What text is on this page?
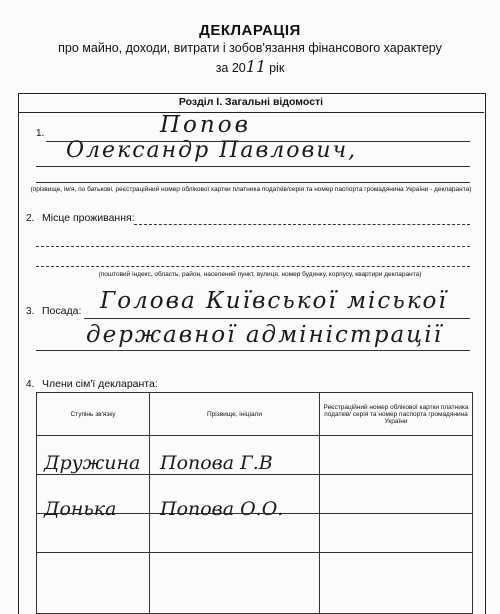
ДЕКЛАРАЦІЯ
про майно, доходи, витрати і зобов'язання фінансового характеру
за 2011 рік
Розділ І. Загальні відомості
1.	Попов
Олександр Павлович,
(прізвище, ім'я, по батькові, реєстраційний номер облікової картки платника податків/серія та номер паспорта громадянина України - декларанта)
2. Місце проживання:
(поштовий індекс, область, район, населений пункт, вулиця, номер будинку, корпусу, квартири декларанта)
3. Посада: Голова Київської міської
державної адміністрації
4. Члени сім'ї декларанта:
Ступінь зв'язку	Прізвище, ініціали	Реєстраційний номер облікової картки платника податків/ серія та номер паспорта громадянина України

Дружина Попова Г.В
Донька Попова О.О.
